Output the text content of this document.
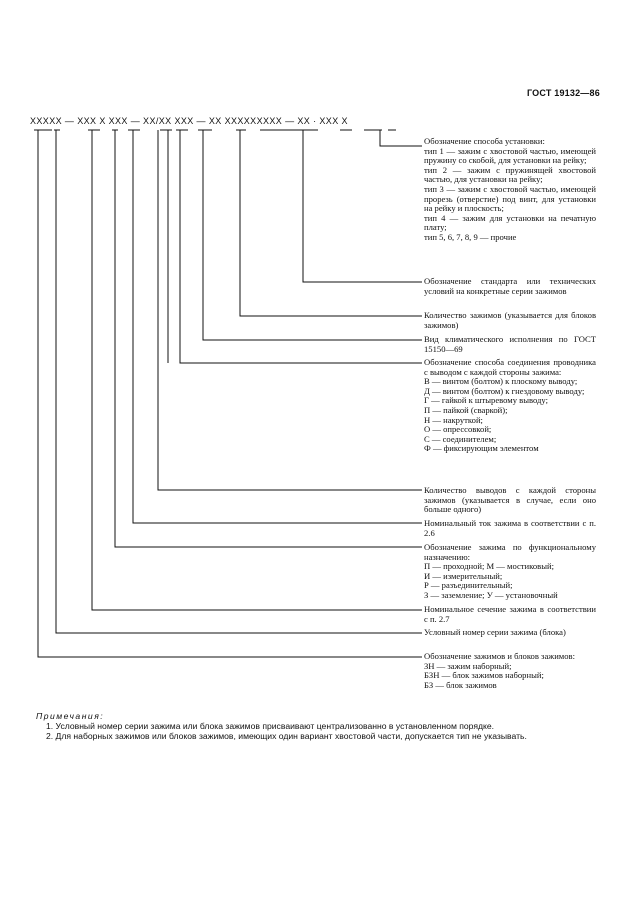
ГОСТ 19132—86
XXXXX — XXX X XXX — XX/XX XXX — XX XXXXXXXXX — XX · XXX X
Обозначение способа установки:
тип 1 — зажим с хвостовой частью, имеющей пружину со скобой, для установки на рейку;
тип 2 — зажим с пружинящей хвостовой частью, для установки на рейку;
тип 3 — зажим с хвостовой частью, имеющей прорезь (отверстие) под винт, для установки на рейку и плоскость;
тип 4 — зажим для установки на печатную плату;
тип 5, 6, 7, 8, 9 — прочие
Обозначение стандарта или технических условий на конкретные серии зажимов
Количество зажимов (указывается для блоков зажимов)
Вид климатического исполнения по ГОСТ 15150—69
Обозначение способа соединения проводника с выводом с каждой стороны зажима:
В — винтом (болтом) к плоскому выводу;
Д — винтом (болтом) к гнездовому выводу;
Г — гайкой к штыревому выводу;
П — пайкой (сваркой);
Н — накруткой;
О — опрессовкой;
С — соединителем;
Ф — фиксирующим элементом
Количество выводов с каждой стороны зажимов (указывается в случае, если оно больше одного)
Номинальный ток зажима в соответствии с п. 2.6
Обозначение зажима по функциональному назначению:
П — проходной; М — мостиковый;
И — измерительный;
Р — разъединительный;
З — заземление; У — установочный
Номинальное сечение зажима в соответствии с п. 2.7
Условный номер серии зажима (блока)
Обозначение зажимов и блоков зажимов:
ЗН — зажим наборный;
БЗН — блок зажимов наборный;
БЗ — блок зажимов
Примечания:
1. Условный номер серии зажима или блока зажимов присваивают централизованно в установленном порядке.
2. Для наборных зажимов или блоков зажимов, имеющих один вариант хвостовой части, допускается тип не указывать.
